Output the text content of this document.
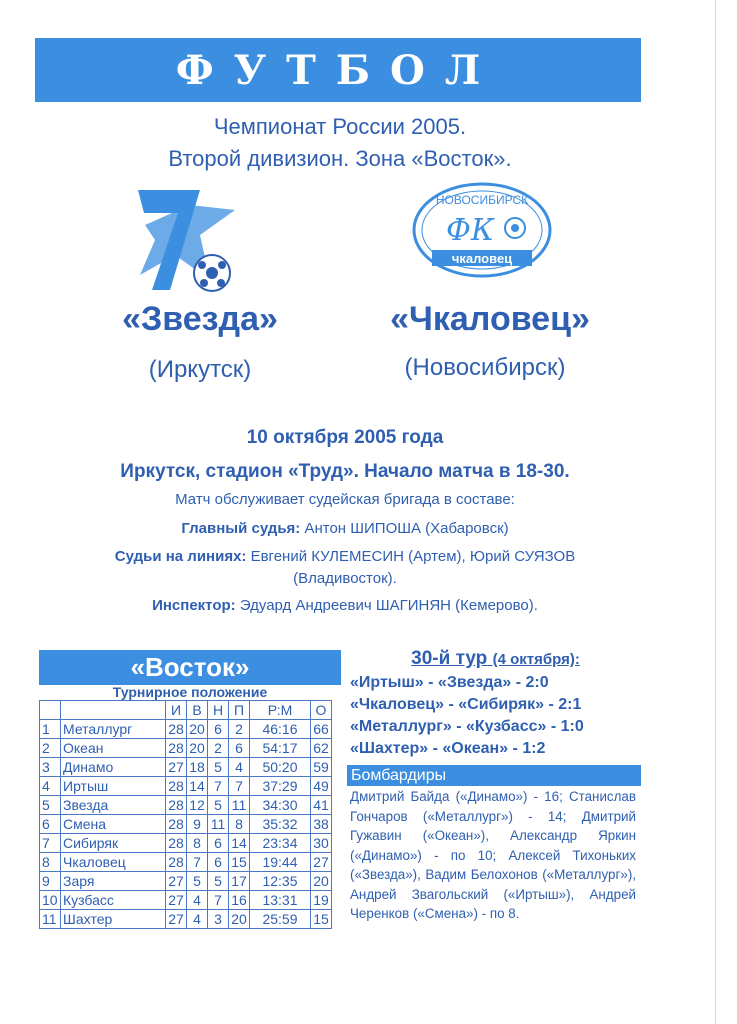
ФУТБОЛ
Чемпионат России 2005.
Второй дивизион. Зона «Восток».
НОВОСИБИРСК
ФК
чкаловец
«Звезда»
(Иркутск)
«Чкаловец»
(Новосибирск)
10 октября 2005 года
Иркутск, стадион «Труд». Начало матча в 18-30.
Матч обслуживает судейская бригада в составе:
Главный судья: Антон ШИПОША (Хабаровск)
Судьи на линиях: Евгений КУЛЕМЕСИН (Артем), Юрий СУЯЗОВ
(Владивосток).
Инспектор: Эдуард Андреевич ШАГИНЯН (Кемерово).
«Восток»
Турнирное положение
		И	В	Н	П	Р:М	О
1	Металлург	28	20	6	2	46:16	66
2	Океан	28	20	2	6	54:17	62
3	Динамо	27	18	5	4	50:20	59
4	Иртыш	28	14	7	7	37:29	49
5	Звезда	28	12	5	11	34:30	41
6	Смена	28	9	11	8	35:32	38
7	Сибиряк	28	8	6	14	23:34	30
8	Чкаловец	28	7	6	15	19:44	27
9	Заря	27	5	5	17	12:35	20
10	Кузбасс	27	4	7	16	13:31	19
11	Шахтер	27	4	3	20	25:59	15
30-й тур (4 октября):
«Иртыш» - «Звезда» - 2:0
«Чкаловец» - «Сибиряк» - 2:1
«Металлург» - «Кузбасс» - 1:0
«Шахтер» - «Океан» - 1:2
Бомбардиры
Дмитрий Байда («Динамо») - 16; Станислав Гончаров («Металлург») - 14; Дмитрий Гужавин («Океан»), Александр Яркин («Динамо») - по 10; Алексей Тихоньких («Звезда»), Вадим Белохонов («Металлург»), Андрей Звагольский («Иртыш»), Андрей Черенков («Смена») - по 8.
